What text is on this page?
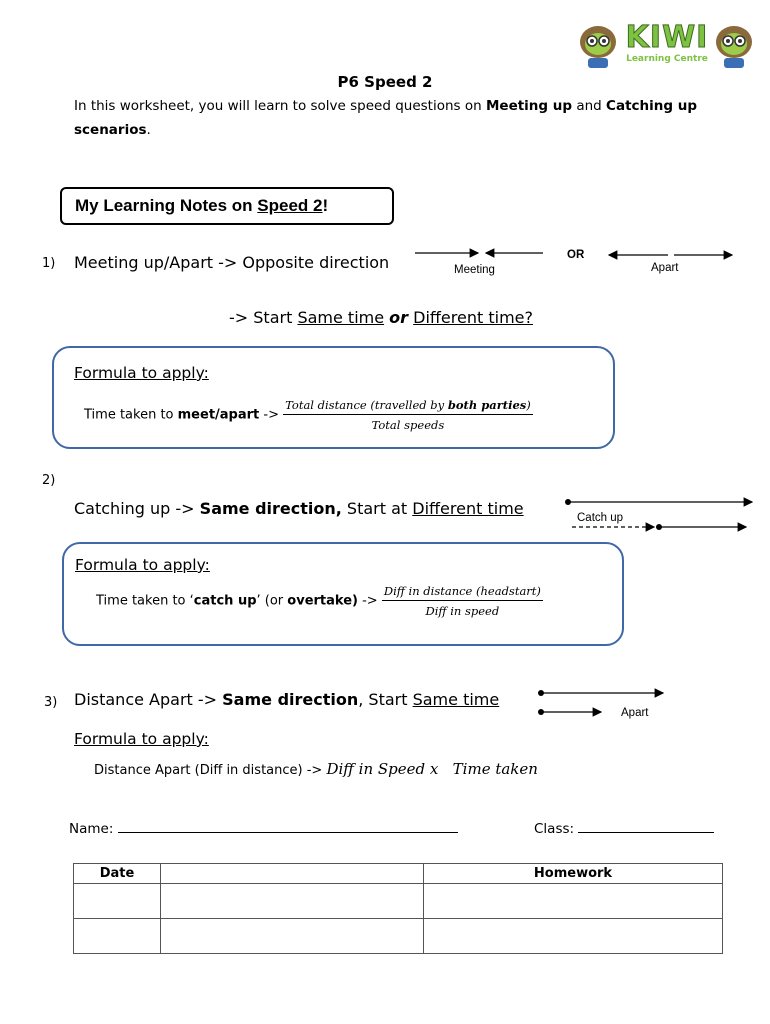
KIWI
Learning Centre
P6 Speed 2
In this worksheet, you will learn to solve speed questions on Meeting up and Catching up
scenarios.
My Learning Notes on Speed 2!
1) Meeting up/Apart -> Opposite direction	Meeting
OR
Apart
-> Start Same time or Different time?
Formula to apply:
Time taken to meet/apart -> $\frac{\text{Total distance (travelled by both parties)}}{\text{Total speeds}}$
2)
Catching up -> Same direction, Start at Different time	Catch up
Formula to apply:
Time taken to ‘catch up’ (or overtake) -> $\frac{\text{Diff in distance (headstart)}}{\text{Diff in speed}}$
3) Distance Apart -> Same direction, Start Same time
Apart
Formula to apply:
Distance Apart (Diff in distance) -> Diff in Speed x   Time taken
Name:	Class:
Date		Homework
